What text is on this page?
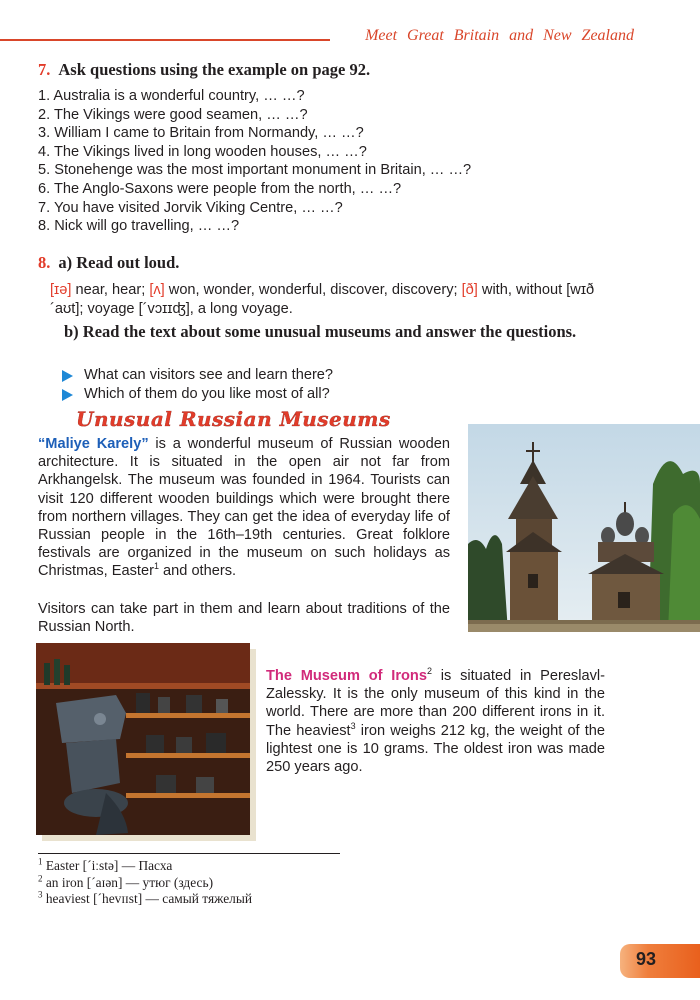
Meet Great Britain and New Zealand
7. Ask questions using the example on page 92.
1. Australia is a wonderful country, … …?
2. The Vikings were good seamen, … …?
3. William I came to Britain from Normandy, … …?
4. The Vikings lived in long wooden houses, … …?
5. Stonehenge was the most important monument in Britain, … …?
6. The Anglo-Saxons were people from the north, … …?
7. You have visited Jorvik Viking Centre, … …?
8. Nick will go travelling, … …?
8. a) Read out loud.
[ɪə] near, hear; [ʌ] won, wonder, wonderful, discover, discovery; [ð] with, without [wɪð´aʊt]; voyage [´vɔɪɪʤ], a long voyage.
b) Read the text about some unusual museums and answer the questions.
What can visitors see and learn there?
Which of them do you like most of all?
Unusual Russian Museums
“Maliye Karely” is a wonderful museum of Russian wooden architecture. It is situated in the open air not far from Arkhangelsk. The museum was founded in 1964. Tourists can visit 120 different wooden buildings which were brought there from northern villages. They can get the idea of everyday life of Russian people in the 16th–19th centuries. Great folklore festivals are organized in the museum on such holidays as Christmas, Easter$^1$ and others.
Visitors can take part in them and learn about traditions of the Russian North.
The Museum of Irons$^2$ is situated in Pereslavl-Zalessky. It is the only museum of this kind in the world. There are more than 200 different irons in it. The heaviest$^3$ iron weighs 212 kg, the weight of the lightest one is 10 grams. The oldest iron was made 250 years ago.
$^1$ Easter [´iːstə] — Пасха
$^2$ an iron [´aɪən] — утюг (здесь)
$^3$ heaviest [´hevɪɪst] — самый тяжелый
93
